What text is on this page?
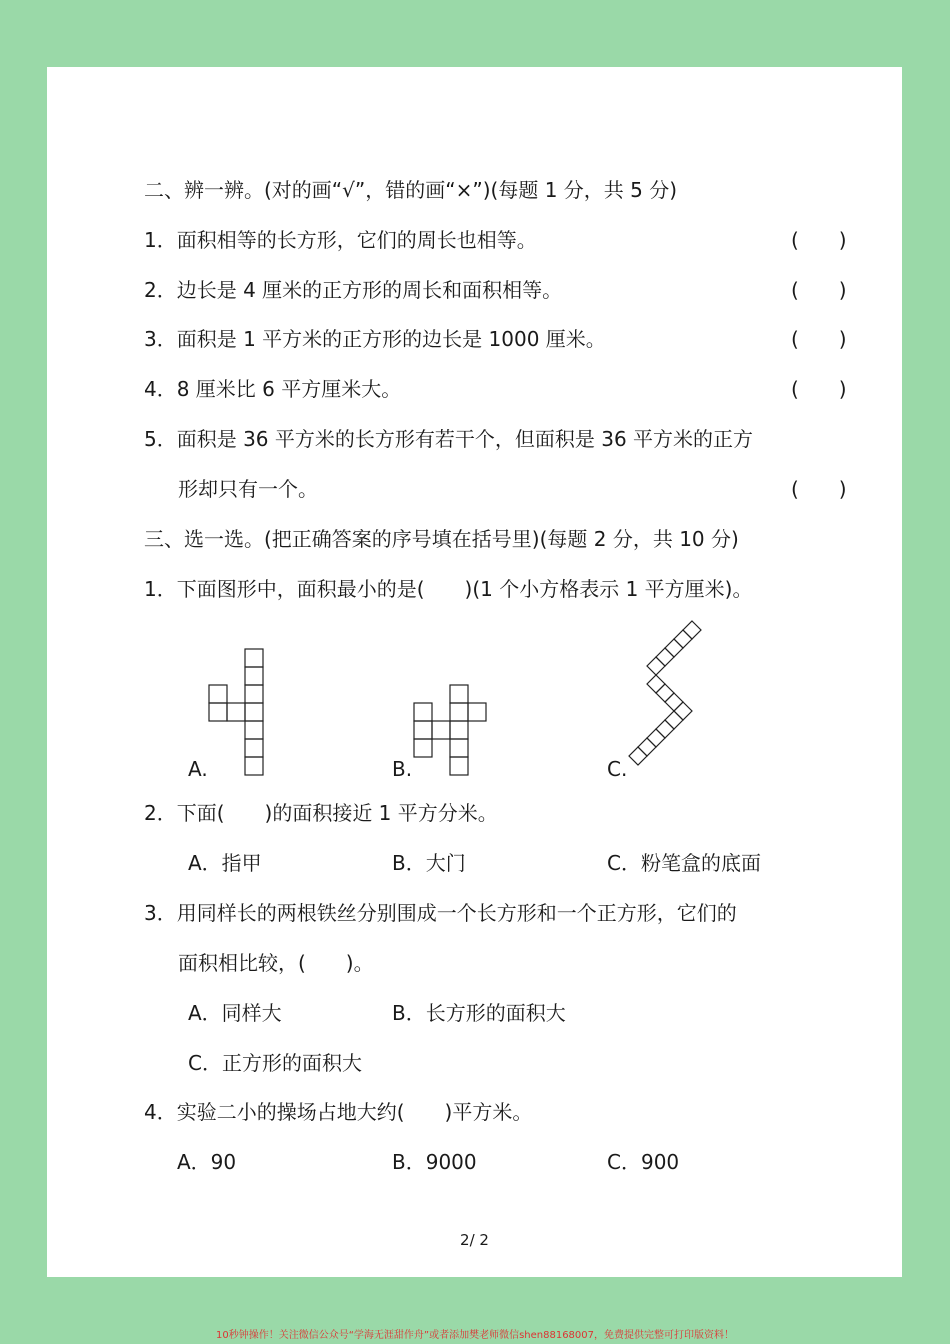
二、辨一辨。(对的画“√”，错的画“×”)(每题 1 分，共 5 分)
1．面积相等的长方形，它们的周长也相等。	(　　)
2．边长是 4 厘米的正方形的周长和面积相等。	(　　)
3．面积是 1 平方米的正方形的边长是 1000 厘米。	(　　)
4．8 厘米比 6 平方厘米大。	(　　)
5．面积是 36 平方米的长方形有若干个，但面积是 36 平方米的正方
形却只有一个。	(　　)
三、选一选。(把正确答案的序号填在括号里)(每题 2 分，共 10 分)
1．下面图形中，面积最小的是(　　)(1 个小方格表示 1 平方厘米)。
A.	B.	C.
2．下面(　　)的面积接近 1 平方分米。
A．指甲	B．大门	C．粉笔盒的底面
3．用同样长的两根铁丝分别围成一个长方形和一个正方形，它们的
面积相比较，(　　)。
A．同样大	B．长方形的面积大
C．正方形的面积大
4．实验二小的操场占地大约(　　)平方米。
A．90	B．9000	C．900
2/ 2
10秒钟操作！关注微信公众号“学海无涯甜作舟”或者添加樊老师微信shen88168007，免费提供完整可打印版资料！
